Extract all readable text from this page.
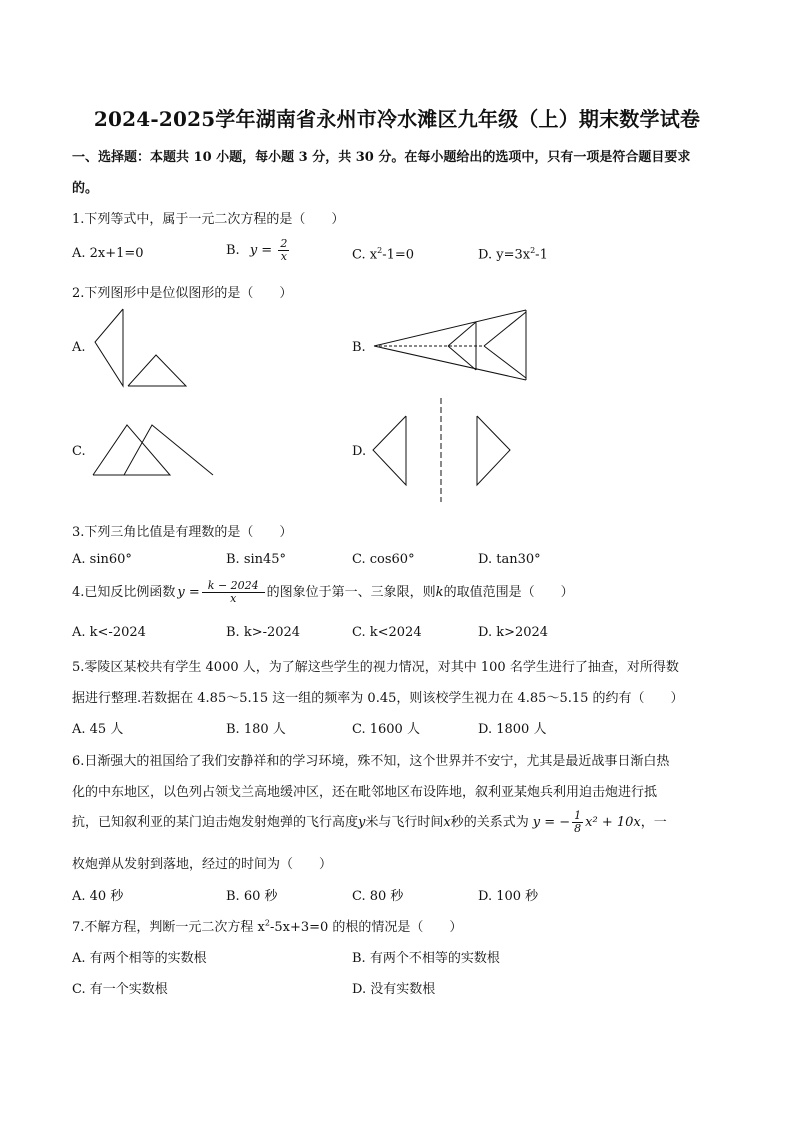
2024-2025学年湖南省永州市冷水滩区九年级（上）期末数学试卷
一、选择题：本题共 10 小题，每小题 3 分，共 30 分。在每小题给出的选项中，只有一项是符合题目要求
的。
1.下列等式中，属于一元二次方程的是（　　）
A. 2x+1=0	B. $y = \frac{2}{x}$	C. $x^2-1=0$	D. $y=3x^2-1$
2.下列图形中是位似图形的是（　　）
A.	B.
C.	D.
3.下列三角比值是有理数的是（　　）
A. sin60°	B. sin45°	C. cos60°	D. tan30°
4.已知反比例函数 $y = \frac{k - 2024}{x}$ 的图象位于第一、三象限，则k的取值范围是（　　）
A. k<-2024	B. k>-2024	C. k<2024	D. k>2024
5.零陵区某校共有学生 4000 人，为了解这些学生的视力情况，对其中 100 名学生进行了抽查，对所得数
据进行整理.若数据在 4.85～5.15 这一组的频率为 0.45，则该校学生视力在 4.85～5.15 的约有（　　）
A. 45 人	B. 180 人	C. 1600 人	D. 1800 人
6.日渐强大的祖国给了我们安静祥和的学习环境，殊不知，这个世界并不安宁，尤其是最近战事日渐白热
化的中东地区，以色列占领戈兰高地缓冲区，还在毗邻地区布设阵地，叙利亚某炮兵利用迫击炮进行抵
抗，已知叙利亚的某门迫击炮发射炮弹的飞行高度y米与飞行时间x秒的关系式为 y = − $\frac{1}{8} x^2 + 10x$，一
枚炮弹从发射到落地，经过的时间为（　　）
A. 40 秒	B. 60 秒	C. 80 秒	D. 100 秒
7.不解方程，判断一元二次方程 $x^2-5x+3=0$ 的根的情况是（　　）
A. 有两个相等的实数根	B. 有两个不相等的实数根
C. 有一个实数根	D. 没有实数根
